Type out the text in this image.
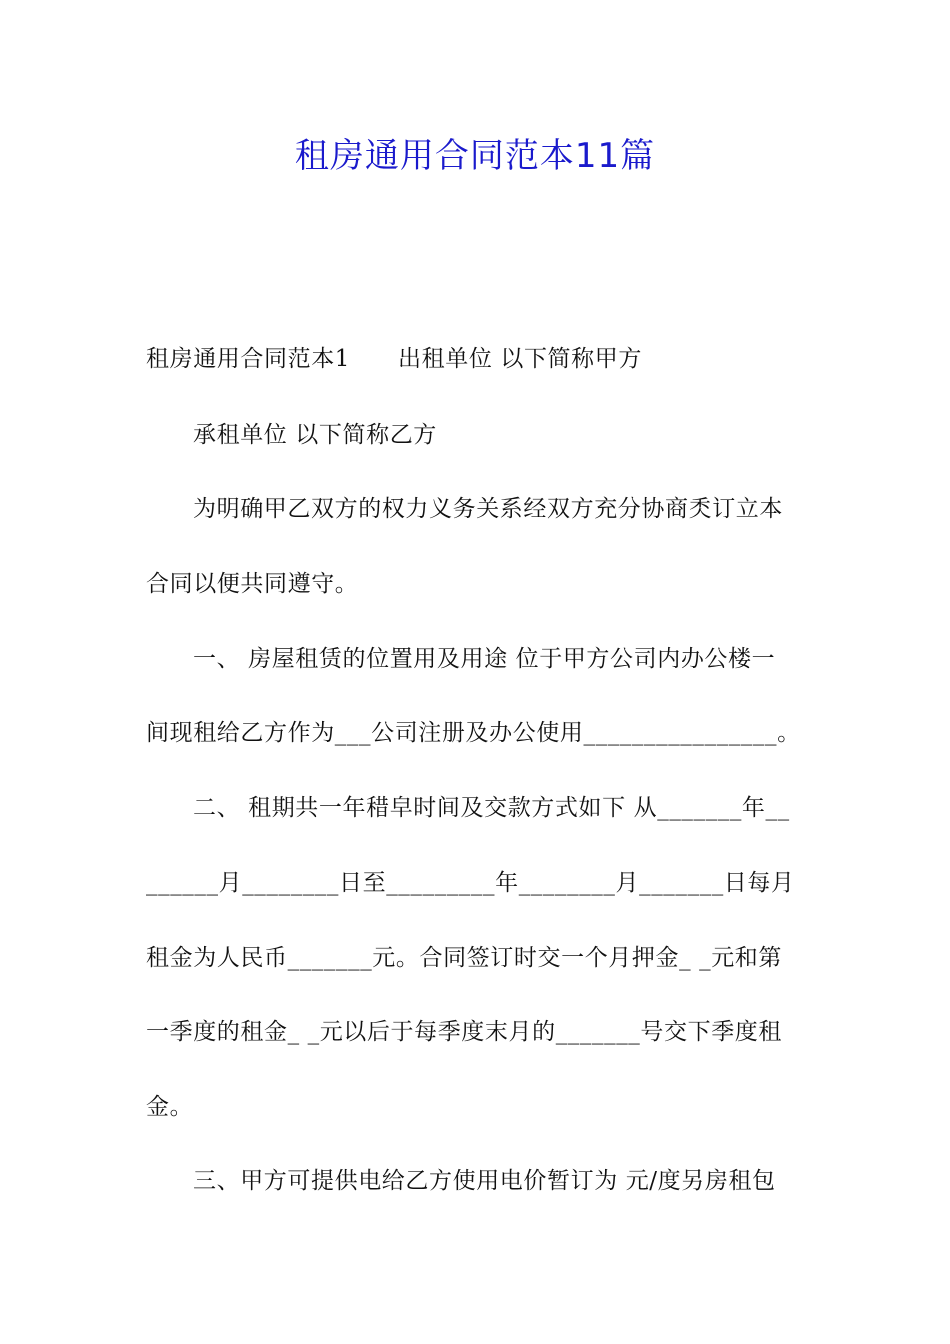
租房通用合同范本11篇
租房通用合同范本1 出租单位 以下简称甲方
承租单位 以下简称乙方
为明确甲乙双方的权力义务关系经双方充分协商秂订立本
合同以便共同遵守。
一、 房屋租赁的位置用及用途 位于甲方公司内办公楼一
间现租给乙方作为___公司注册及办公使用________________。
二、 租期共一年稓皁时间及交款方式如下 从_______年__
______月________日至_________年________月_______日每月
租金为人民币_______元。合同签订时交一个月押金_ _元和第
一季度的租金_ _元以后于每季度末月的_______号交下季度租
金。
三、甲方可提供电给乙方使用电价暂订为 元/度另房租包
